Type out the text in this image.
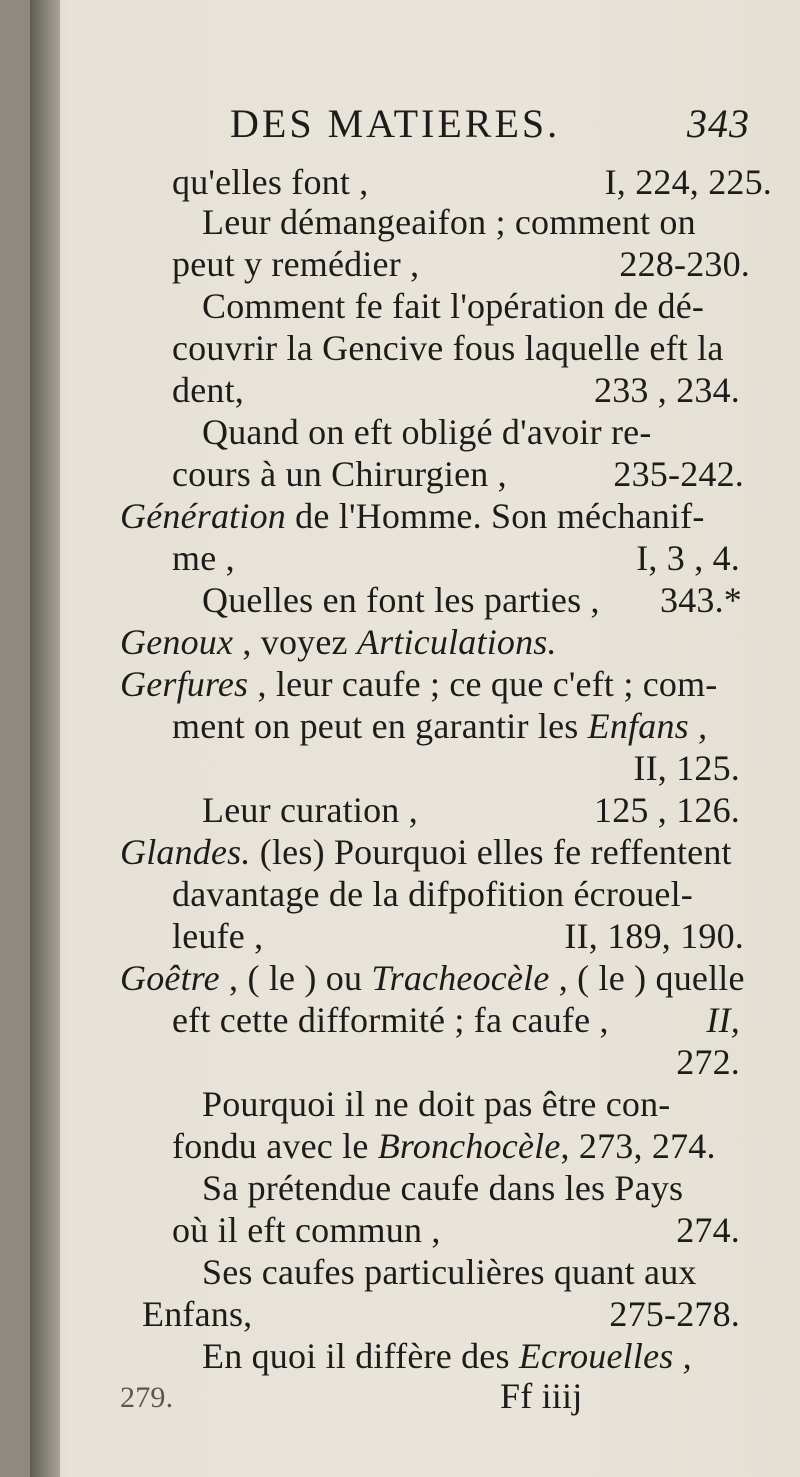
DES MATIERES.	343
qu'elles font ,	I, 224, 225.
Leur démangeaifon ; comment on
peut y remédier ,	228-230.
Comment fe fait l'opération de dé-
couvrir la Gencive fous laquelle eft la
dent,	233 , 234.
Quand on eft obligé d'avoir re-
cours à un Chirurgien ,	235-242.
Génération de l'Homme. Son méchanif-
me ,	I, 3 , 4.
Quelles en font les parties , 343.*
Genoux , voyez Articulations.
Gerfures , leur caufe ; ce que c'eft ; com-
ment on peut en garantir les Enfans ,
II, 125.
Leur curation ,	125 , 126.
Glandes. (les) Pourquoi elles fe reffentent
davantage de la difpofition écrouel-
leufe ,	II, 189, 190.
Goêtre , ( le ) ou Tracheocèle , ( le ) quelle
eft cette difformité ; fa caufe ,	II,
272.
Pourquoi il ne doit pas être con-
fondu avec le Bronchocèle, 273, 274.
Sa prétendue caufe dans les Pays
où il eft commun ,	274.
Ses caufes particulières quant aux
Enfans,	275-278.
En quoi il diffère des Ecrouelles ,
279.	Ff iiij
